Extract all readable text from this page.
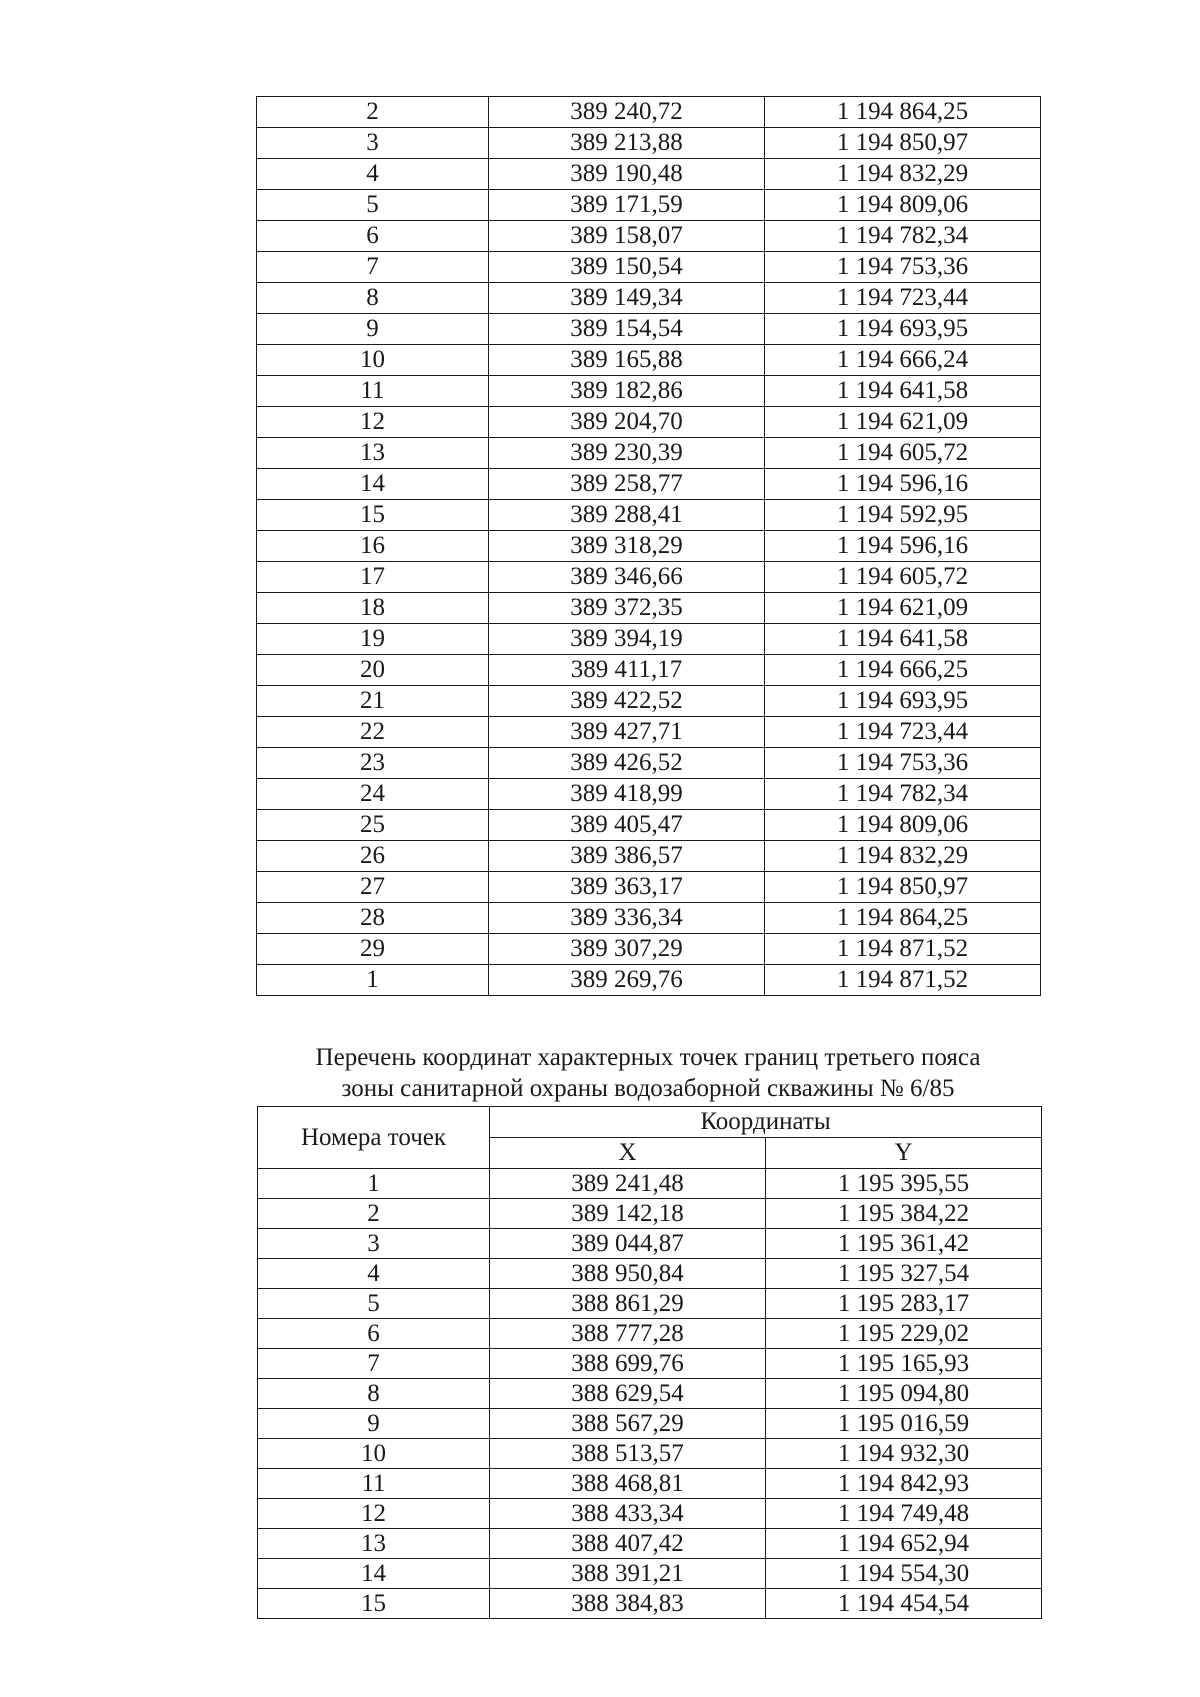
2	389 240,72	1 194 864,25
3	389 213,88	1 194 850,97
4	389 190,48	1 194 832,29
5	389 171,59	1 194 809,06
6	389 158,07	1 194 782,34
7	389 150,54	1 194 753,36
8	389 149,34	1 194 723,44
9	389 154,54	1 194 693,95
10	389 165,88	1 194 666,24
11	389 182,86	1 194 641,58
12	389 204,70	1 194 621,09
13	389 230,39	1 194 605,72
14	389 258,77	1 194 596,16
15	389 288,41	1 194 592,95
16	389 318,29	1 194 596,16
17	389 346,66	1 194 605,72
18	389 372,35	1 194 621,09
19	389 394,19	1 194 641,58
20	389 411,17	1 194 666,25
21	389 422,52	1 194 693,95
22	389 427,71	1 194 723,44
23	389 426,52	1 194 753,36
24	389 418,99	1 194 782,34
25	389 405,47	1 194 809,06
26	389 386,57	1 194 832,29
27	389 363,17	1 194 850,97
28	389 336,34	1 194 864,25
29	389 307,29	1 194 871,52
1	389 269,76	1 194 871,52
Перечень координат характерных точек границ третьего пояса
зоны санитарной охраны водозаборной скважины № 6/85
Номера точек	Координаты	
	X	Y
1	389 241,48	1 195 395,55
2	389 142,18	1 195 384,22
3	389 044,87	1 195 361,42
4	388 950,84	1 195 327,54
5	388 861,29	1 195 283,17
6	388 777,28	1 195 229,02
7	388 699,76	1 195 165,93
8	388 629,54	1 195 094,80
9	388 567,29	1 195 016,59
10	388 513,57	1 194 932,30
11	388 468,81	1 194 842,93
12	388 433,34	1 194 749,48
13	388 407,42	1 194 652,94
14	388 391,21	1 194 554,30
15	388 384,83	1 194 454,54
